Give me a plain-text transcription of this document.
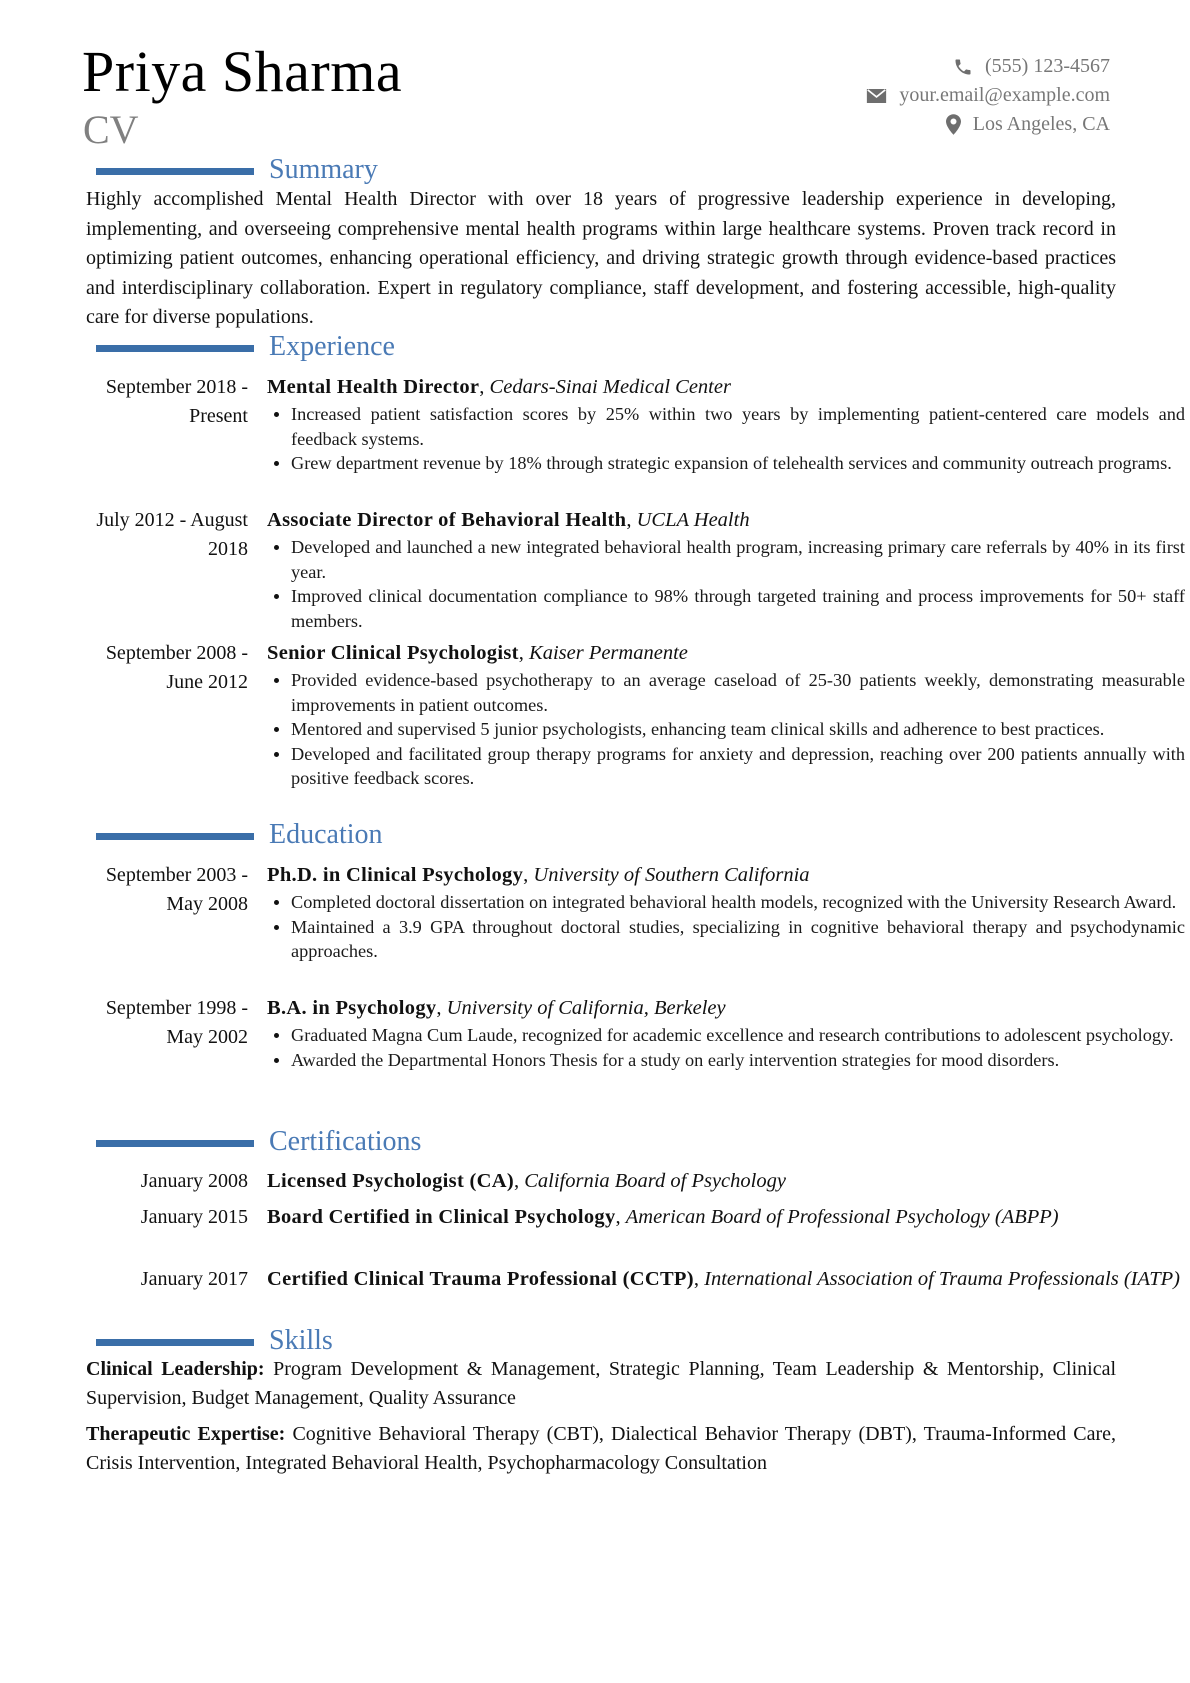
Priya Sharma
CV
(555) 123-4567
your.email@example.com
Los Angeles, CA
Summary
Highly accomplished Mental Health Director with over 18 years of progressive leadership experience in developing, implementing, and overseeing comprehensive mental health programs within large healthcare systems. Proven track record in optimizing patient outcomes, enhancing operational efficiency, and driving strategic growth through evidence-based practices and interdisciplinary collaboration. Expert in regulatory compliance, staff development, and fostering accessible, high-quality care for diverse populations.
Experience
September 2018 - Present
Mental Health Director, Cedars-Sinai Medical Center
Increased patient satisfaction scores by 25% within two years by implementing patient-centered care models and feedback systems.
Grew department revenue by 18% through strategic expansion of telehealth services and community outreach programs.
July 2012 - August 2018
Associate Director of Behavioral Health, UCLA Health
Developed and launched a new integrated behavioral health program, increasing primary care referrals by 40% in its first year.
Improved clinical documentation compliance to 98% through targeted training and process improvements for 50+ staff members.
September 2008 - June 2012
Senior Clinical Psychologist, Kaiser Permanente
Provided evidence-based psychotherapy to an average caseload of 25-30 patients weekly, demonstrating measurable improvements in patient outcomes.
Mentored and supervised 5 junior psychologists, enhancing team clinical skills and adherence to best practices.
Developed and facilitated group therapy programs for anxiety and depression, reaching over 200 patients annually with positive feedback scores.
Education
September 2003 - May 2008
Ph.D. in Clinical Psychology, University of Southern California
Completed doctoral dissertation on integrated behavioral health models, recognized with the University Research Award.
Maintained a 3.9 GPA throughout doctoral studies, specializing in cognitive behavioral therapy and psychodynamic approaches.
September 1998 - May 2002
B.A. in Psychology, University of California, Berkeley
Graduated Magna Cum Laude, recognized for academic excellence and research contributions to adolescent psychology.
Awarded the Departmental Honors Thesis for a study on early intervention strategies for mood disorders.
Certifications
January 2008 Licensed Psychologist (CA), California Board of Psychology
January 2015 Board Certified in Clinical Psychology, American Board of Professional Psychology (ABPP)
January 2017 Certified Clinical Trauma Professional (CCTP), International Association of Trauma Professionals (IATP)
Skills
Clinical Leadership: Program Development & Management, Strategic Planning, Team Leadership & Mentorship, Clinical Supervision, Budget Management, Quality Assurance
Therapeutic Expertise: Cognitive Behavioral Therapy (CBT), Dialectical Behavior Therapy (DBT), Trauma-Informed Care, Crisis Intervention, Integrated Behavioral Health, Psychopharmacology Consultation
